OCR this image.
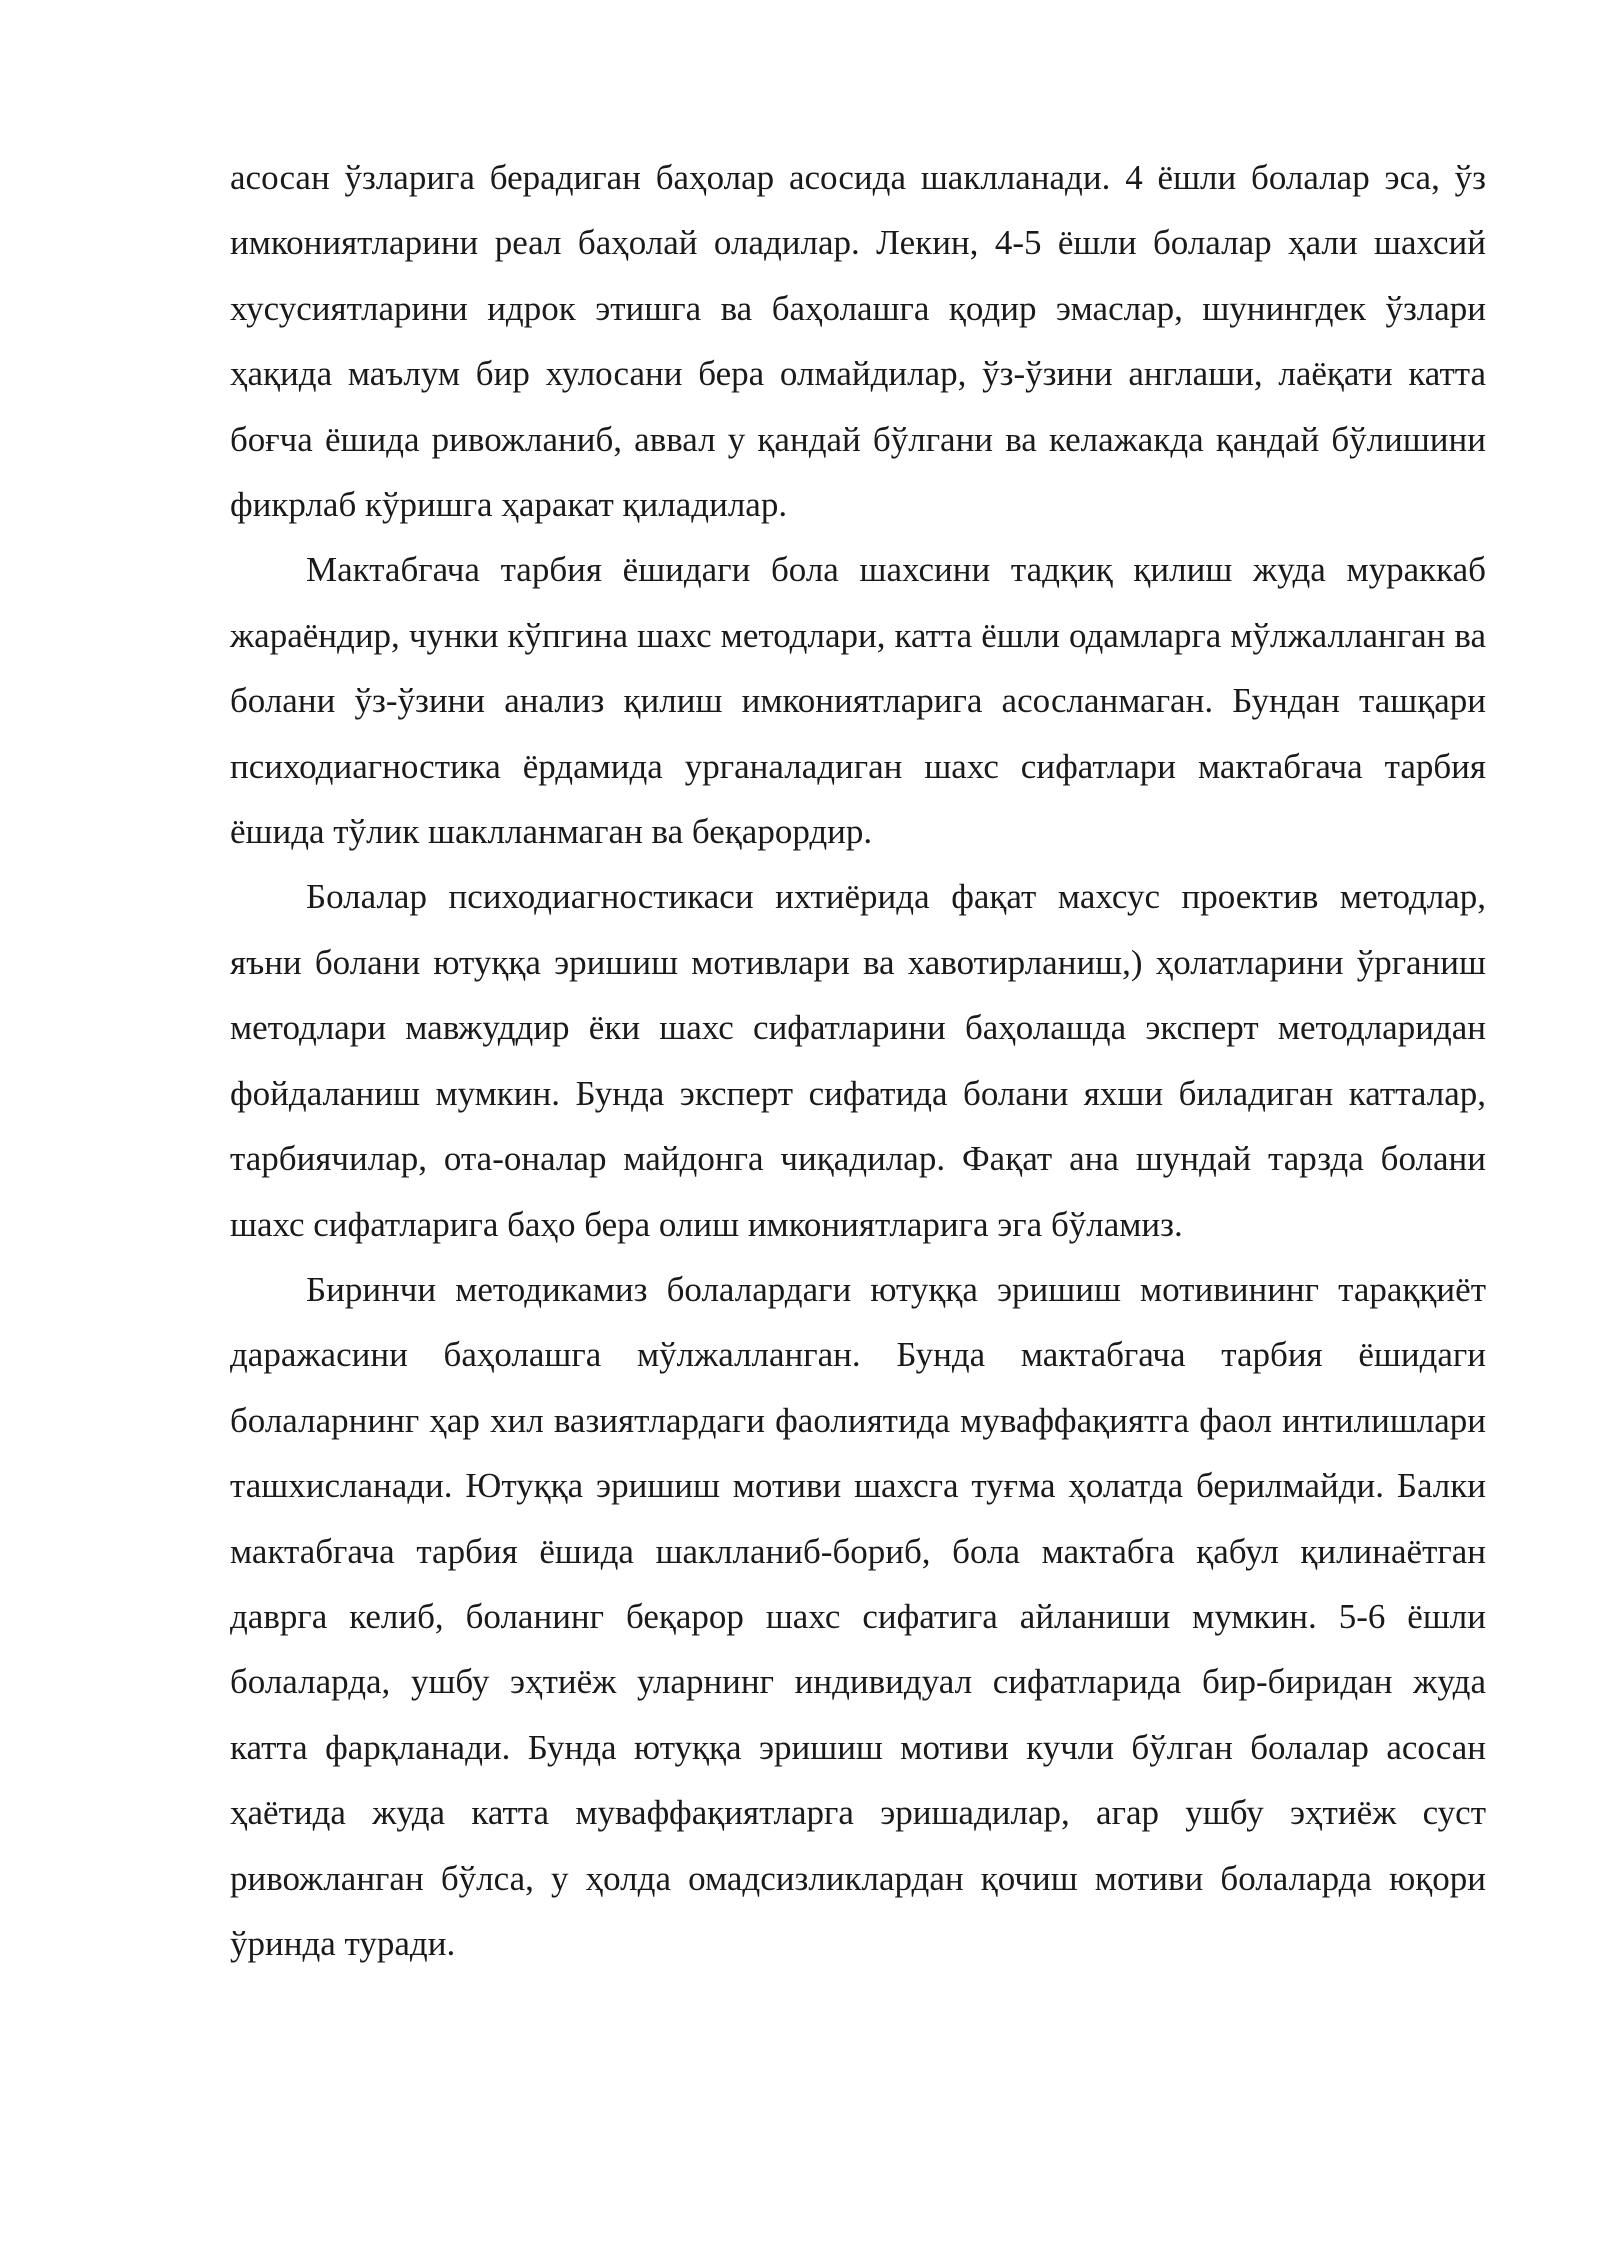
асосан ўзларига берадиган баҳолар асосида шаклланади. 4 ёшли болалар эса, ўз имкониятларини реал баҳолай оладилар. Лекин, 4-5 ёшли болалар ҳали шахсий хусусиятларини идрок этишга ва баҳолашга қодир эмаслар, шунингдек ўзлари ҳақида маълум бир хулосани бера олмайдилар, ўз-ўзини англаши, лаёқати катта боғча ёшида ривожланиб, аввал у қандай бўлгани ва келажакда қандай бўлишини фикрлаб кўришга ҳаракат қиладилар.

Мактабгача тарбия ёшидаги бола шахсини тадқиқ қилиш жуда мураккаб жараёндир, чунки кўпгина шахс методлари, катта ёшли одамларга мўлжалланган ва болани ўз-ўзини анализ қилиш имкониятларига асосланмаган. Бундан ташқари психодиагностика ёрдамида урганаладиган шахс сифатлари мактабгача тарбия ёшида тўлик шаклланмаган ва беқарордир.

Болалар психодиагностикаси ихтиёрида фақат махсус проектив методлар, яъни болани ютуққа эришиш мотивлари ва хавотирланиш,) ҳолатларини ўрганиш методлари мавжуддир ёки шахс сифатларини баҳолашда эксперт методларидан фойдаланиш мумкин. Бунда эксперт сифатида болани яхши биладиган катталар, тарбиячилар, ота-оналар майдонга чиқадилар. Фақат ана шундай тарзда болани шахс сифатларига баҳо бера олиш имкониятларига эга бўламиз.

Биринчи методикамиз болалардаги ютуққа эришиш мотивининг тараққиёт даражасини баҳолашга мўлжалланган. Бунда мактабгача тарбия ёшидаги болаларнинг ҳар хил вазиятлардаги фаолиятида муваффақиятга фаол интилишлари ташхисланади. Ютуққа эришиш мотиви шахсга туғма ҳолатда берилмайди. Балки мактабгача тарбия ёшида шаклланиб-бориб, бола мактабга қабул қилинаётган даврга келиб, боланинг беқарор шахс сифатига айланиши мумкин. 5-6 ёшли болаларда, ушбу эҳтиёж уларнинг индивидуал сифатларида бир-биридан жуда катта фарқланади. Бунда ютуққа эришиш мотиви кучли бўлган болалар асосан ҳаётида жуда катта муваффақиятларга эришадилар, агар ушбу эҳтиёж суст ривожланган бўлса, у ҳолда омадсизликлардан қочиш мотиви болаларда юқори ўринда туради.
